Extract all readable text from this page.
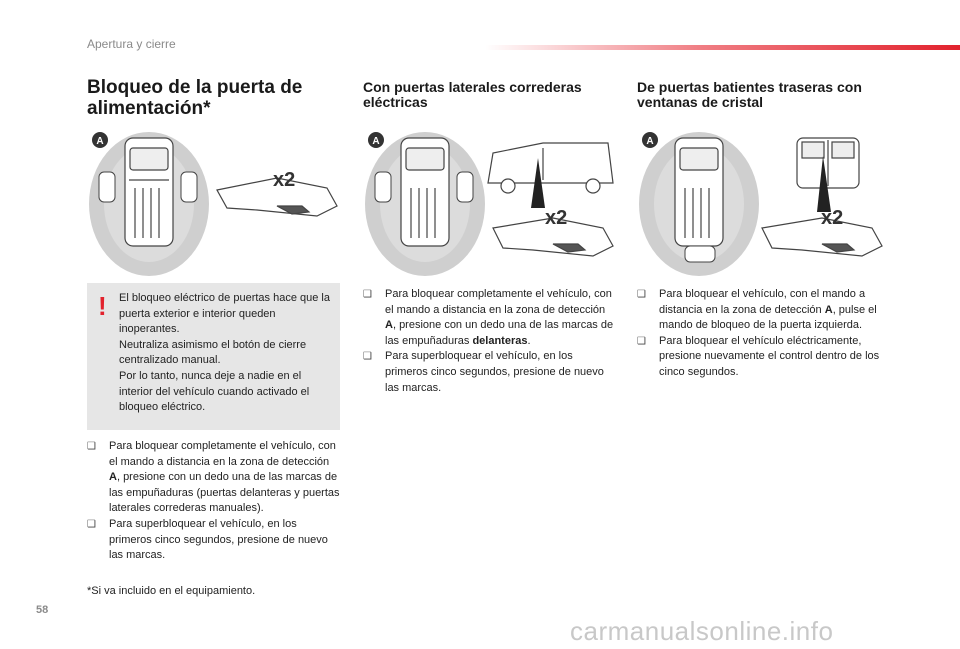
Apertura y cierre
Bloqueo de la puerta de alimentación*
Con puertas laterales correderas eléctricas
De puertas batientes traseras con ventanas de cristal
A
x2
A
x2
A
x2
! El bloqueo eléctrico de puertas hace que la puerta exterior e interior queden inoperantes.

Neutraliza asimismo el botón de cierre centralizado manual.

Por lo tanto, nunca deje a nadie en el interior del vehículo cuando activado el bloqueo eléctrico.

❑ Para bloquear completamente el vehículo, con el mando a distancia en la zona de detección A, presione con un dedo una de las marcas de las empuñaduras (puertas delanteras y puertas laterales correderas manuales).
❑ Para superbloquear el vehículo, en los primeros cinco segundos, presione de nuevo las marcas.
*Si va incluido en el equipamiento.
❑ Para bloquear completamente el vehículo, con el mando a distancia en la zona de detección A, presione con un dedo una de las marcas de las empuñaduras delanteras.
❑ Para superbloquear el vehículo, en los primeros cinco segundos, presione de nuevo las marcas.
❑ Para bloquear el vehículo, con el mando a distancia en la zona de detección A, pulse el mando de bloqueo de la puerta izquierda.
❑ Para bloquear el vehículo eléctricamente, presione nuevamente el control dentro de los cinco segundos.
58
carmanualsonline.info
